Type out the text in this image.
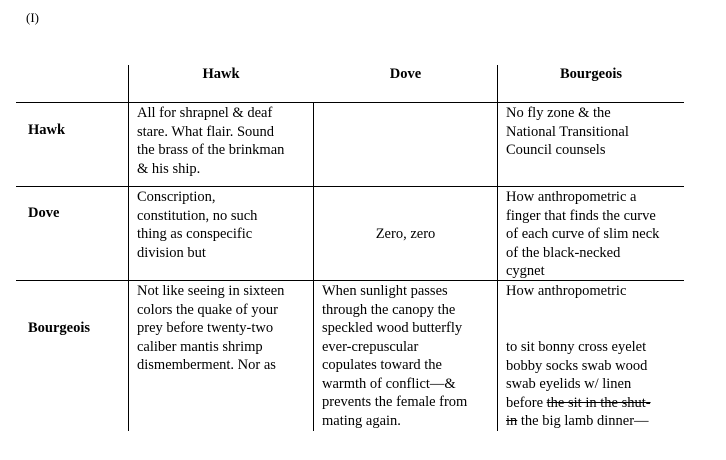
(I)
Hawk	Dove	Bourgeois
Hawk
Dove
Bourgeois
All for shrapnel & deaf
stare. What flair. Sound
the brass of the brinkman
& his ship.
No fly zone & the
National Transitional
Council counsels
Conscription,
constitution, no such
thing as conspecific
division but
Zero, zero
How anthropometric a
finger that finds the curve
of each curve of slim neck
of the black-necked
cygnet
Not like seeing in sixteen
colors the quake of your
prey before twenty-two
caliber mantis shrimp
dismemberment. Nor as
When sunlight passes
through the canopy the
speckled wood butterfly
ever-crepuscular
copulates toward the
warmth of conflict—&
prevents the female from
mating again.
How anthropometric
to sit bonny cross eyelet
bobby socks swab wood
swab eyelids w/ linen
before the sit in the shut-
in the big lamb dinner—
